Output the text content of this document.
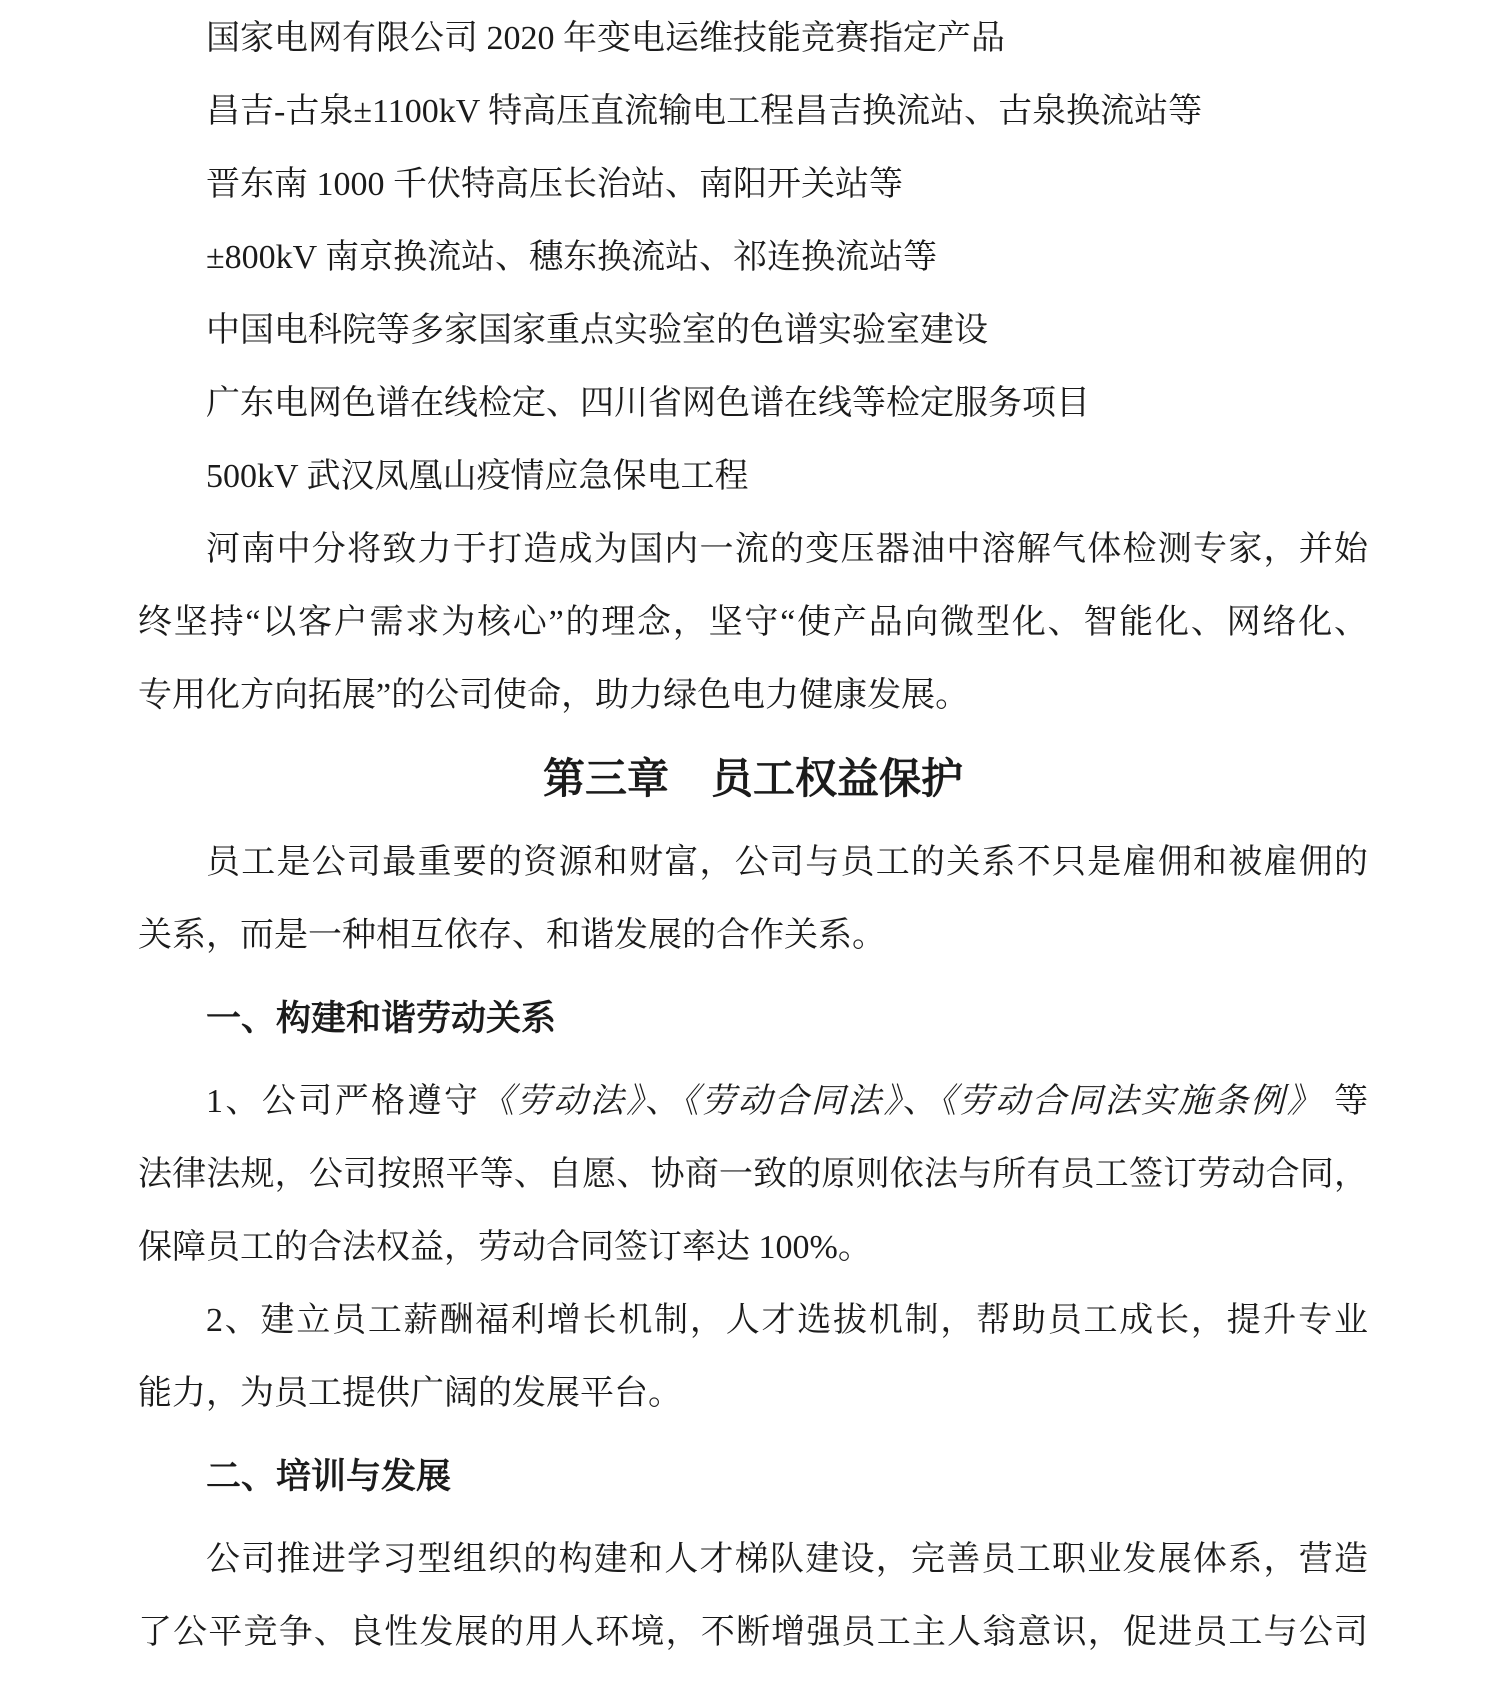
国家电网有限公司 2020 年变电运维技能竞赛指定产品
昌吉-古泉±1100kV 特高压直流输电工程昌吉换流站、古泉换流站等
晋东南 1000 千伏特高压长治站、南阳开关站等
±800kV 南京换流站、穗东换流站、祁连换流站等
中国电科院等多家国家重点实验室的色谱实验室建设
广东电网色谱在线检定、四川省网色谱在线等检定服务项目
500kV 武汉凤凰山疫情应急保电工程
河南中分将致力于打造成为国内一流的变压器油中溶解气体检测专家，并始
终坚持“以客户需求为核心”的理念，坚守“使产品向微型化、智能化、网络化、
专用化方向拓展”的公司使命，助力绿色电力健康发展。
第三章　员工权益保护
员工是公司最重要的资源和财富，公司与员工的关系不只是雇佣和被雇佣的
关系，而是一种相互依存、和谐发展的合作关系。
一、构建和谐劳动关系
1、公司严格遵守《劳动法》、《劳动合同法》、《劳动合同法实施条例》 等
法律法规，公司按照平等、自愿、协商一致的原则依法与所有员工签订劳动合同，
保障员工的合法权益，劳动合同签订率达 100%。
2、建立员工薪酬福利增长机制，人才选拔机制，帮助员工成长，提升专业
能力，为员工提供广阔的发展平台。
二、培训与发展
公司推进学习型组织的构建和人才梯队建设，完善员工职业发展体系，营造
了公平竞争、良性发展的用人环境，不断增强员工主人翁意识，促进员工与公司
